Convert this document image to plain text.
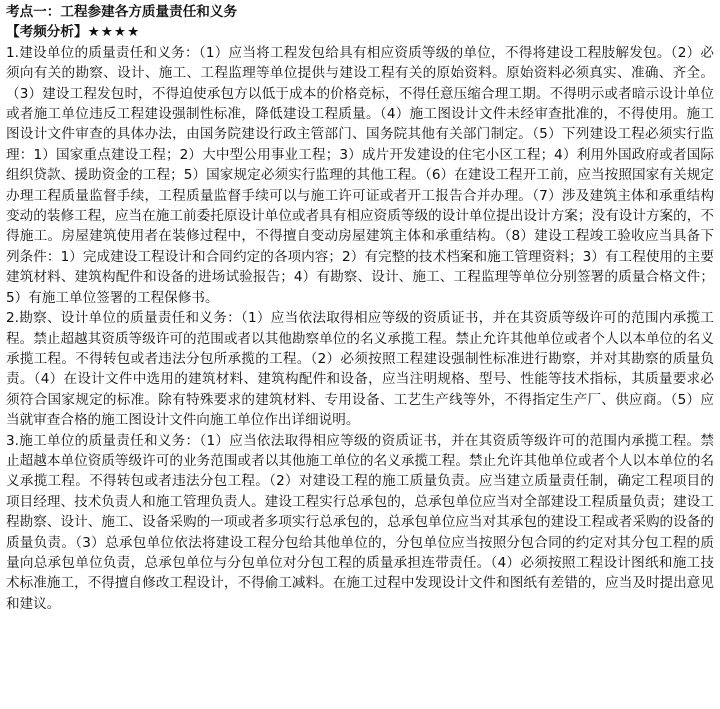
考点一：工程参建各方质量责任和义务

【考频分析】★★★★

1.建设单位的质量责任和义务：（1）应当将工程发包给具有相应资质等级的单位，不得将建设工程肢解发包。（2）必须向有关的勘察、设计、施工、工程监理等单位提供与建设工程有关的原始资料。原始资料必须真实、准确、齐全。（3）建设工程发包时，不得迫使承包方以低于成本的价格竞标，不得任意压缩合理工期。不得明示或者暗示设计单位或者施工单位违反工程建设强制性标准，降低建设工程质量。（4）施工图设计文件未经审查批准的，不得使用。施工图设计文件审查的具体办法，由国务院建设行政主管部门、国务院其他有关部门制定。（5）下列建设工程必须实行监理：1）国家重点建设工程；2）大中型公用事业工程；3）成片开发建设的住宅小区工程；4）利用外国政府或者国际组织贷款、援助资金的工程；5）国家规定必须实行监理的其他工程。（6）在建设工程开工前，应当按照国家有关规定办理工程质量监督手续，工程质量监督手续可以与施工许可证或者开工报告合并办理。（7）涉及建筑主体和承重结构变动的装修工程，应当在施工前委托原设计单位或者具有相应资质等级的设计单位提出设计方案；没有设计方案的，不得施工。房屋建筑使用者在装修过程中，不得擅自变动房屋建筑主体和承重结构。（8）建设工程竣工验收应当具备下列条件：1）完成建设工程设计和合同约定的各项内容；2）有完整的技术档案和施工管理资料；3）有工程使用的主要建筑材料、建筑构配件和设备的进场试验报告；4）有勘察、设计、施工、工程监理等单位分别签署的质量合格文件；5）有施工单位签署的工程保修书。

2.勘察、设计单位的质量责任和义务：（1）应当依法取得相应等级的资质证书，并在其资质等级许可的范围内承揽工程。禁止超越其资质等级许可的范围或者以其他勘察单位的名义承揽工程。禁止允许其他单位或者个人以本单位的名义承揽工程。不得转包或者违法分包所承揽的工程。（2）必须按照工程建设强制性标准进行勘察，并对其勘察的质量负责。（4）在设计文件中选用的建筑材料、建筑构配件和设备，应当注明规格、型号、性能等技术指标，其质量要求必须符合国家规定的标准。除有特殊要求的建筑材料、专用设备、工艺生产线等外，不得指定生产厂、供应商。（5）应当就审查合格的施工图设计文件向施工单位作出详细说明。

3.施工单位的质量责任和义务：（1）应当依法取得相应等级的资质证书，并在其资质等级许可的范围内承揽工程。禁止超越本单位资质等级许可的业务范围或者以其他施工单位的名义承揽工程。禁止允许其他单位或者个人以本单位的名义承揽工程。不得转包或者违法分包工程。（2）对建设工程的施工质量负责。应当建立质量责任制，确定工程项目的项目经理、技术负责人和施工管理负责人。建设工程实行总承包的，总承包单位应当对全部建设工程质量负责；建设工程勘察、设计、施工、设备采购的一项或者多项实行总承包的，总承包单位应当对其承包的建设工程或者采购的设备的质量负责。（3）总承包单位依法将建设工程分包给其他单位的，分包单位应当按照分包合同的约定对其分包工程的质量向总承包单位负责，总承包单位与分包单位对分包工程的质量承担连带责任。（4）必须按照工程设计图纸和施工技术标准施工，不得擅自修改工程设计，不得偷工减料。在施工过程中发现设计文件和图纸有差错的，应当及时提出意见和建议。
